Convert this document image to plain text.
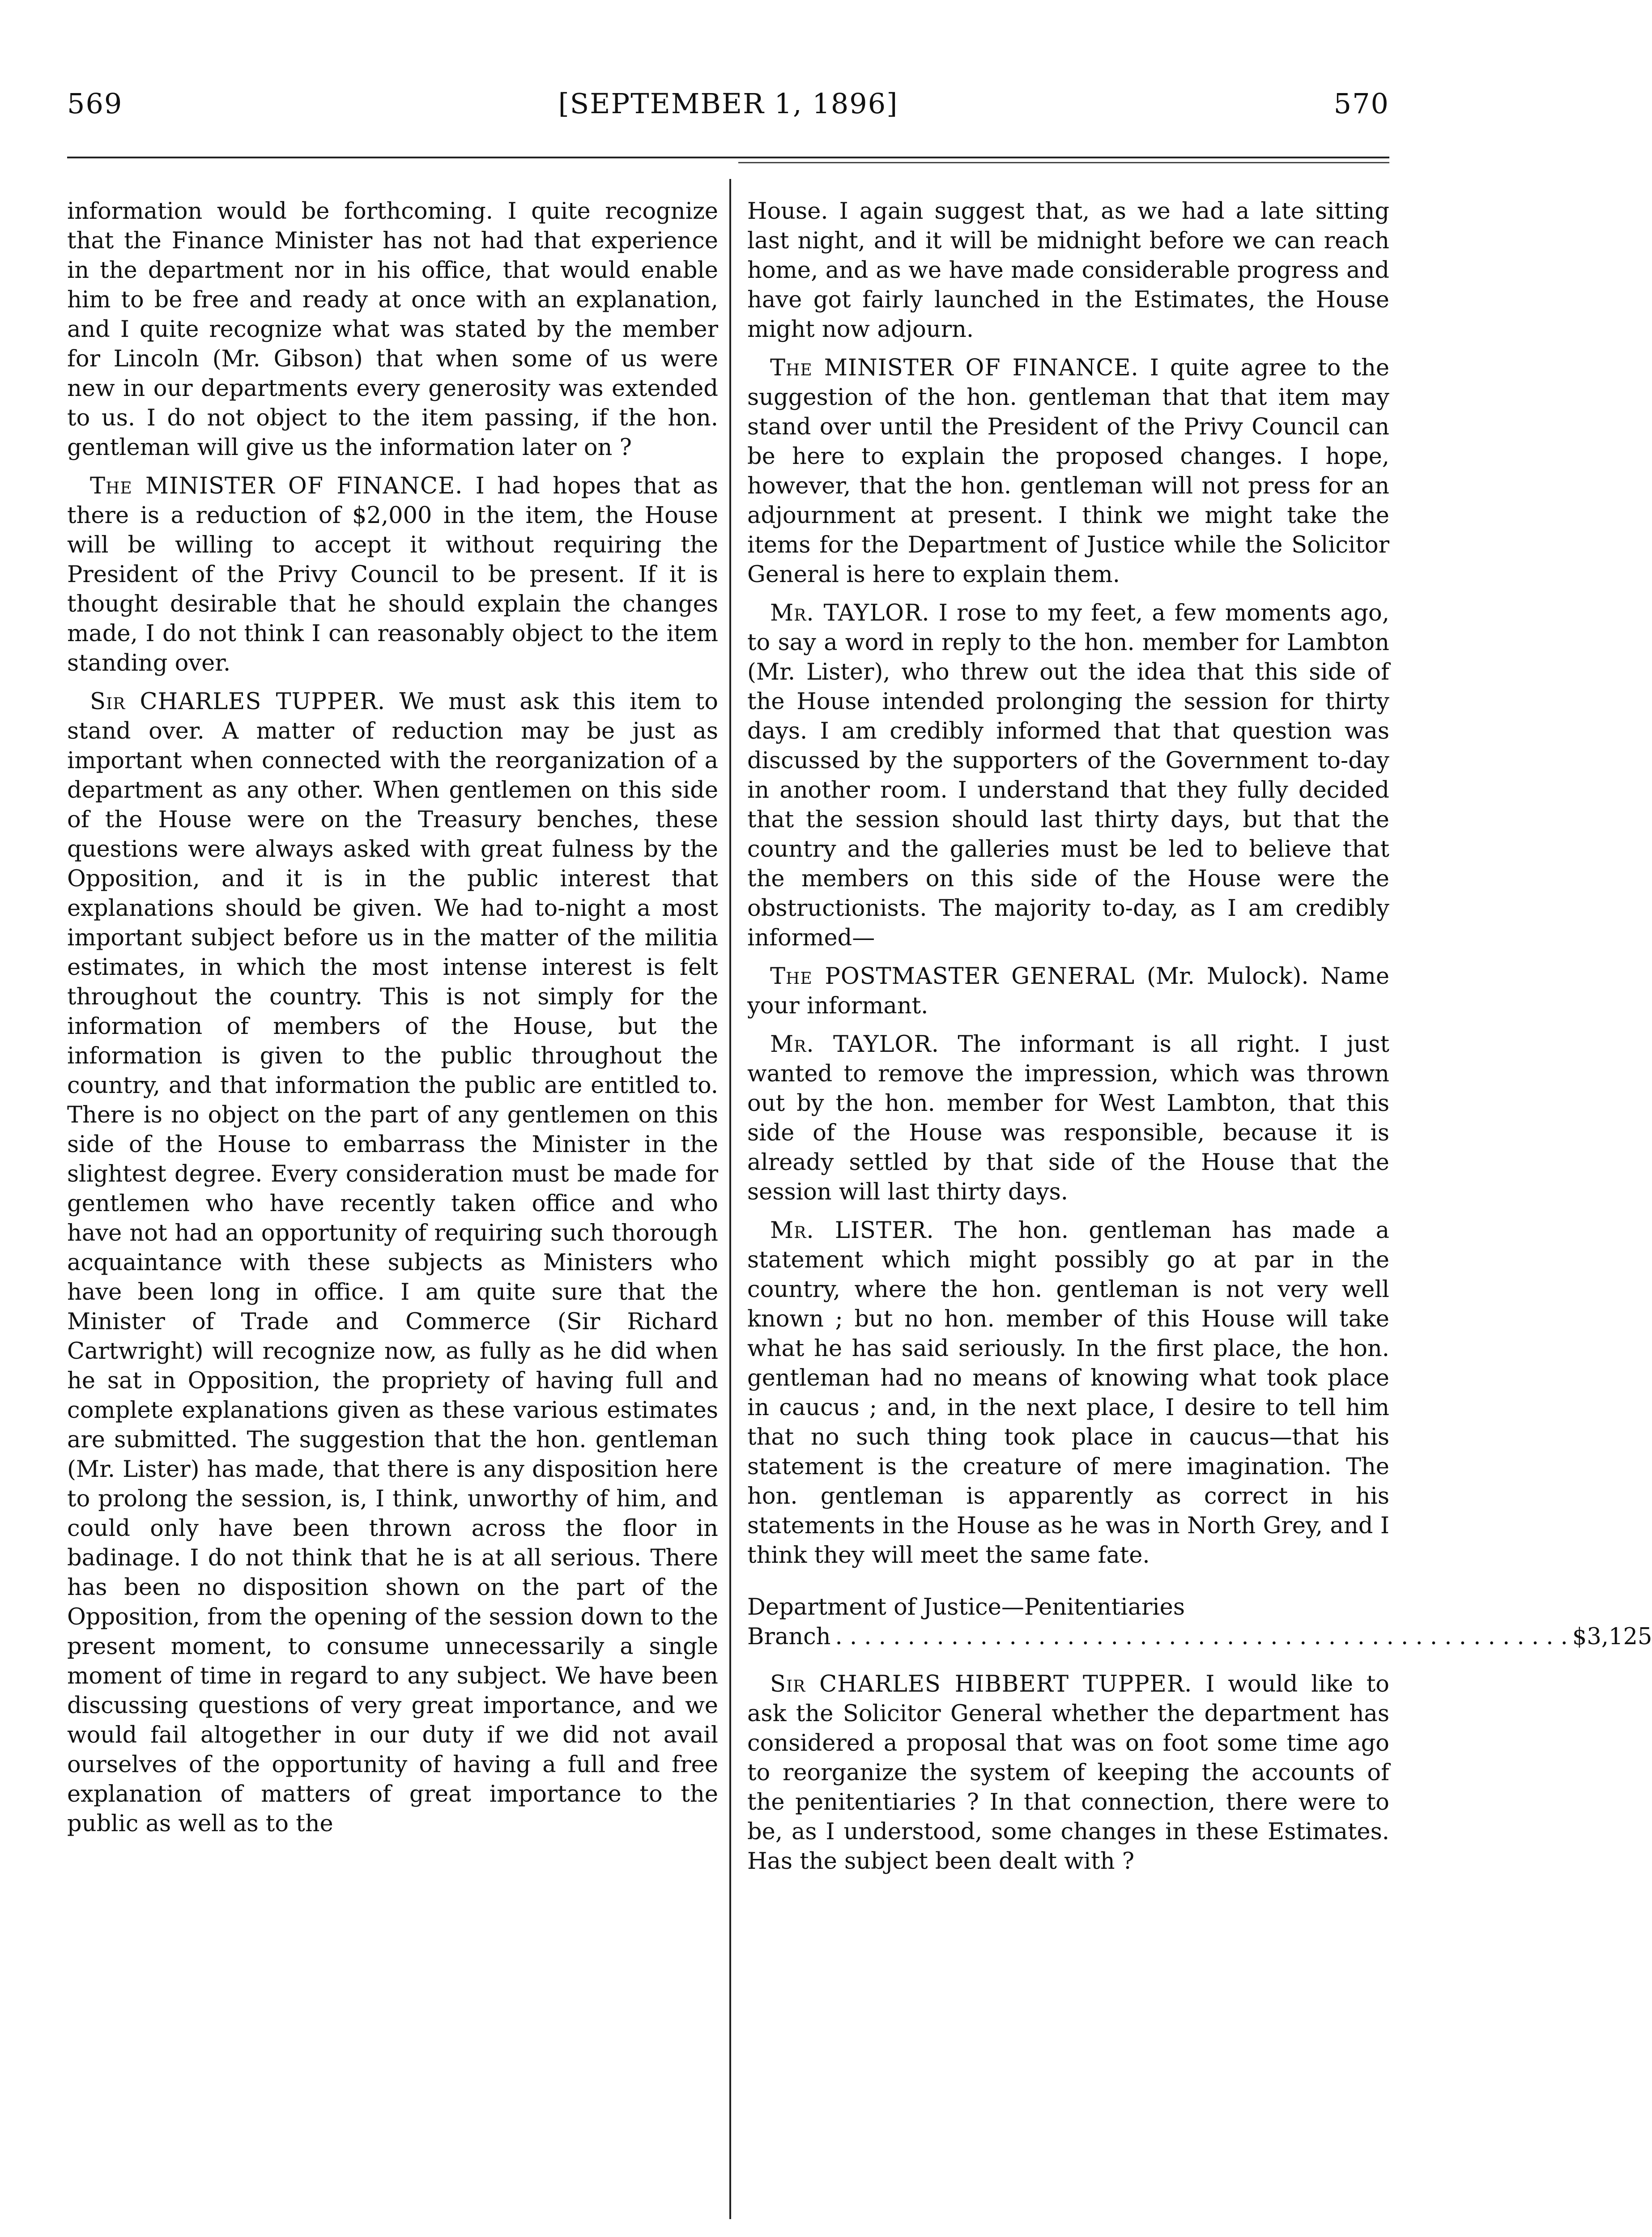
569	[SEPTEMBER 1, 1896]	570

information would be forthcoming. I quite recognize that the Finance Minister has not had that experience in the department nor in his office, that would enable him to be free and ready at once with an explanation, and I quite recognize what was stated by the member for Lincoln (Mr. Gibson) that when some of us were new in our departments every generosity was extended to us. I do not object to the item passing, if the hon. gentleman will give us the information later on ?

 The MINISTER OF FINANCE. I had hopes that as there is a reduction of $2,000 in the item, the House will be willing to accept it without requiring the President of the Privy Council to be present. If it is thought desirable that he should explain the changes made, I do not think I can reasonably object to the item standing over.

 Sir CHARLES TUPPER. We must ask this item to stand over. A matter of reduction may be just as important when connected with the reorganization of a department as any other. When gentlemen on this side of the House were on the Treasury benches, these questions were always asked with great fulness by the Opposition, and it is in the public interest that explanations should be given. We had to-night a most important subject before us in the matter of the militia estimates, in which the most intense interest is felt throughout the country. This is not simply for the information of members of the House, but the information is given to the public throughout the country, and that information the public are entitled to. There is no object on the part of any gentlemen on this side of the House to embarrass the Minister in the slightest degree. Every consideration must be made for gentlemen who have recently taken office and who have not had an opportunity of requiring such thorough acquaintance with these subjects as Ministers who have been long in office. I am quite sure that the Minister of Trade and Commerce (Sir Richard Cartwright) will recognize now, as fully as he did when he sat in Opposition, the propriety of having full and complete explanations given as these various estimates are submitted. The suggestion that the hon. gentleman (Mr. Lister) has made, that there is any disposition here to prolong the session, is, I think, unworthy of him, and could only have been thrown across the floor in badinage. I do not think that he is at all serious. There has been no disposition shown on the part of the Opposition, from the opening of the session down to the present moment, to consume unnecessarily a single moment of time in regard to any subject. We have been discussing questions of very great importance, and we would fail altogether in our duty if we did not avail ourselves of the opportunity of having a full and free explanation of matters of great importance to the public as well as to the

House. I again suggest that, as we had a late sitting last night, and it will be midnight before we can reach home, and as we have made considerable progress and have got fairly launched in the Estimates, the House might now adjourn.

 The MINISTER OF FINANCE. I quite agree to the suggestion of the hon. gentleman that that item may stand over until the President of the Privy Council can be here to explain the proposed changes. I hope, however, that the hon. gentleman will not press for an adjournment at present. I think we might take the items for the Department of Justice while the Solicitor General is here to explain them.

 Mr. TAYLOR. I rose to my feet, a few moments ago, to say a word in reply to the hon. member for Lambton (Mr. Lister), who threw out the idea that this side of the House intended prolonging the session for thirty days. I am credibly informed that that question was discussed by the supporters of the Government to-day in another room. I understand that they fully decided that the session should last thirty days, but that the country and the galleries must be led to believe that the members on this side of the House were the obstructionists. The majority to-day, as I am credibly informed—

 The POSTMASTER GENERAL (Mr. Mulock). Name your informant.

 Mr. TAYLOR. The informant is all right. I just wanted to remove the impression, which was thrown out by the hon. member for West Lambton, that this side of the House was responsible, because it is already settled by that side of the House that the session will last thirty days.

 Mr. LISTER. The hon. gentleman has made a statement which might possibly go at par in the country, where the hon. gentleman is not very well known ; but no hon. member of this House will take what he has said seriously. In the first place, the hon. gentleman had no means of knowing what took place in caucus ; and, in the next place, I desire to tell him that no such thing took place in caucus—that his statement is the creature of mere imagination. The hon. gentleman is apparently as correct in his statements in the House as he was in North Grey, and I think they will meet the same fate.

Department of Justice—Penitentiaries
Branch . . . . . . . . . . . . . . . . . . . . . . . . . . . . . . . . . . . . . . . . . . . . . . . . . . . $3,125

 Sir CHARLES HIBBERT TUPPER. I would like to ask the Solicitor General whether the department has considered a proposal that was on foot some time ago to reorganize the system of keeping the accounts of the penitentiaries ? In that connection, there were to be, as I understood, some changes in these Estimates. Has the subject been dealt with ?
